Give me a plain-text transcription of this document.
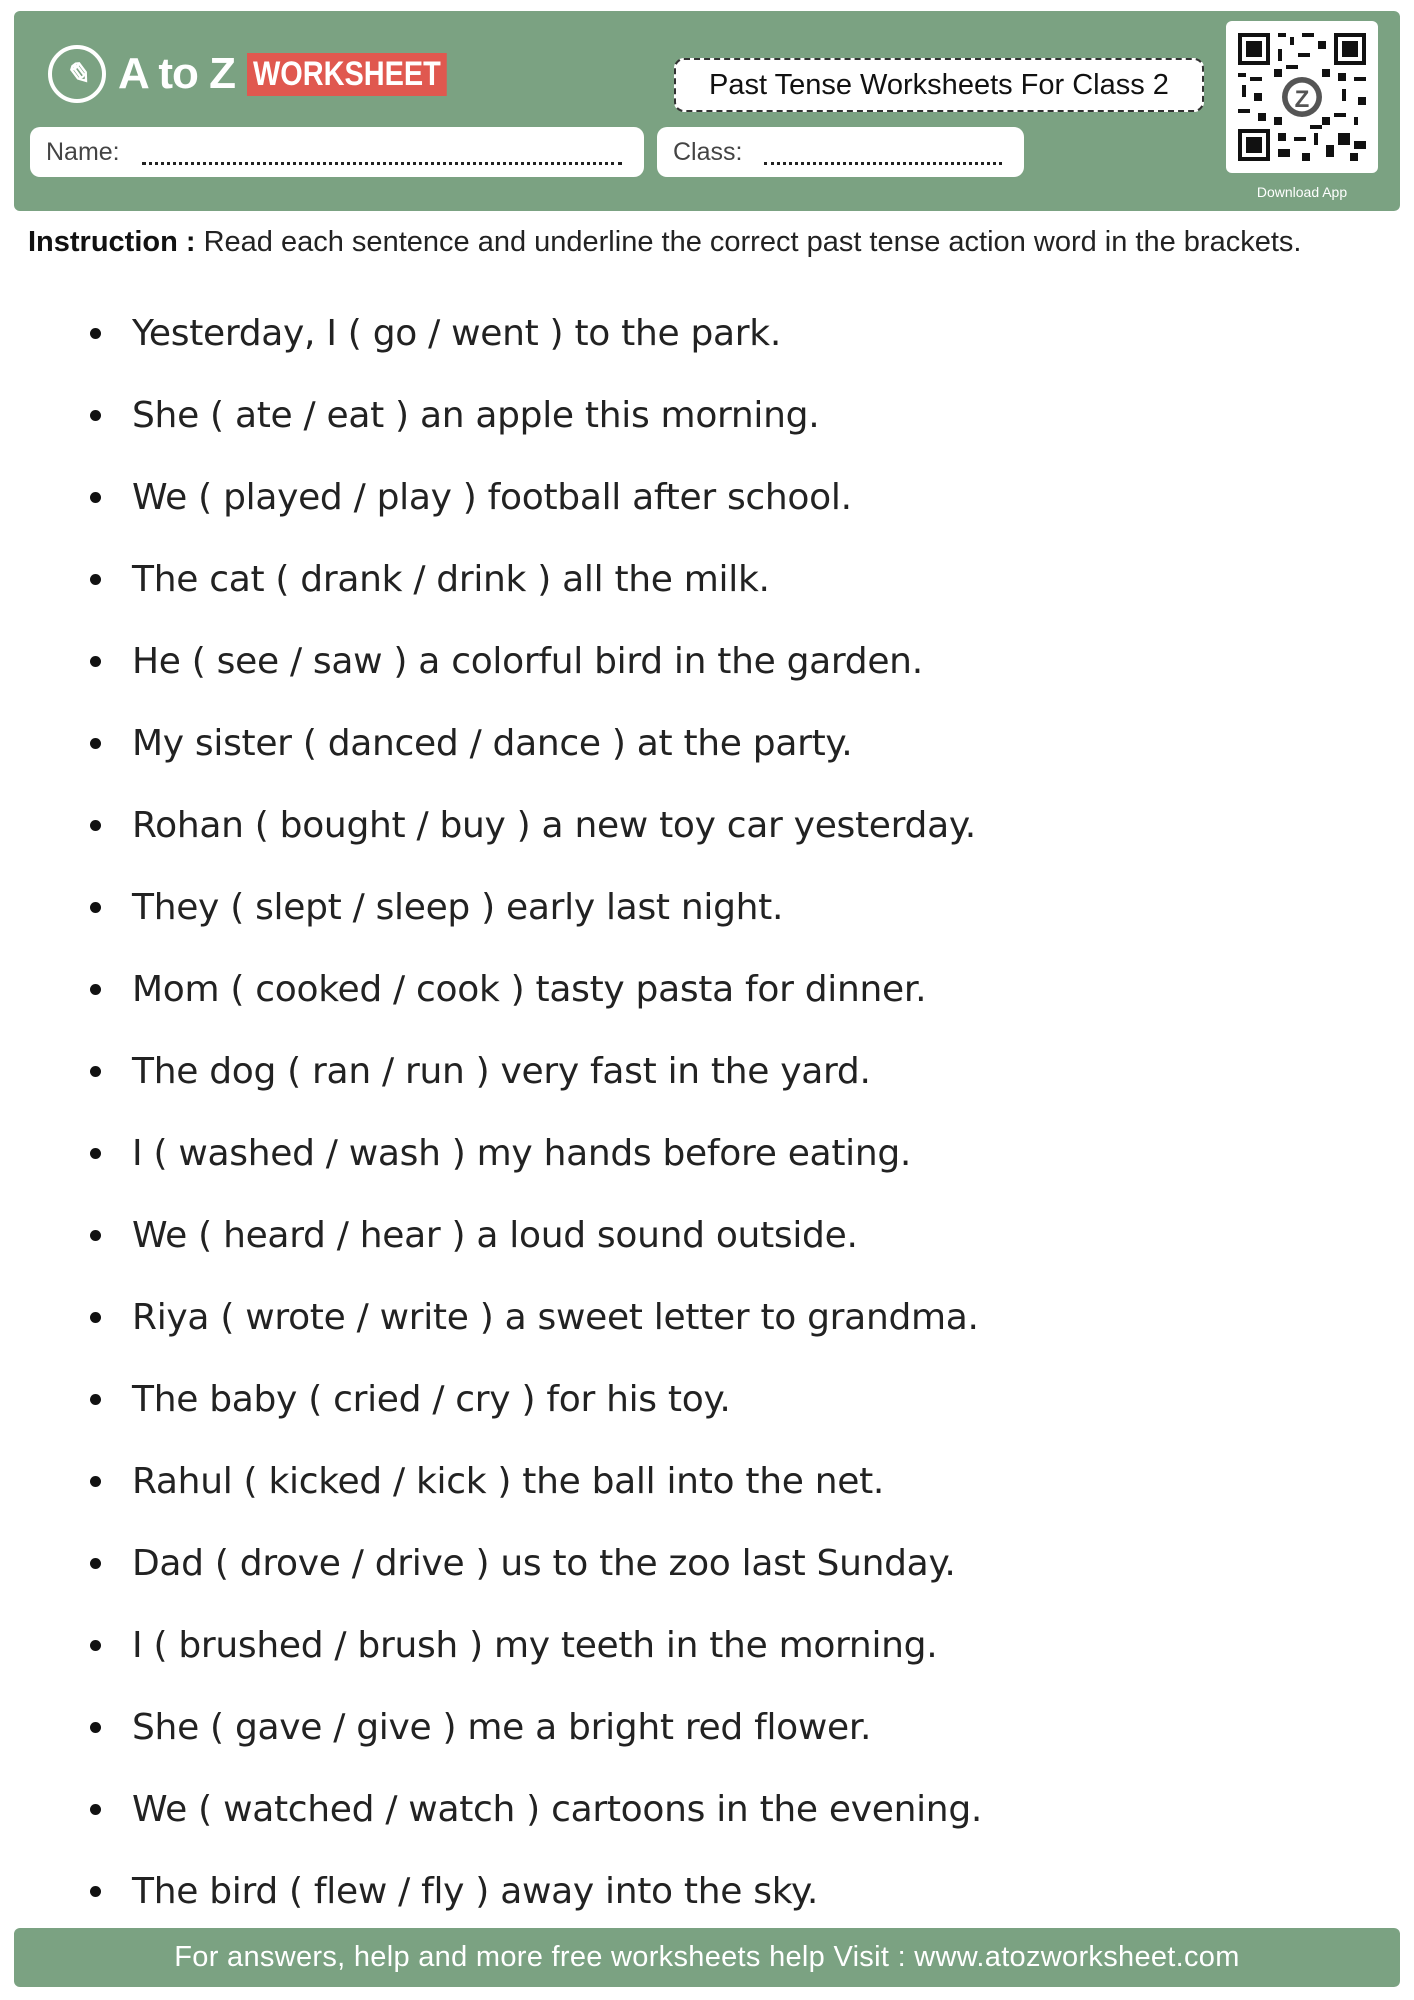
✎ A to Z WORKSHEET	Past Tense Worksheets For Class 2
Name:	Class:
Z
Download App
Instruction : Read each sentence and underline the correct past tense action word in the brackets.
Yesterday, I ( go / went ) to the park.
She ( ate / eat ) an apple this morning.
We ( played / play ) football after school.
The cat ( drank / drink ) all the milk.
He ( see / saw ) a colorful bird in the garden.
My sister ( danced / dance ) at the party.
Rohan ( bought / buy ) a new toy car yesterday.
They ( slept / sleep ) early last night.
Mom ( cooked / cook ) tasty pasta for dinner.
The dog ( ran / run ) very fast in the yard.
I ( washed / wash ) my hands before eating.
We ( heard / hear ) a loud sound outside.
Riya ( wrote / write ) a sweet letter to grandma.
The baby ( cried / cry ) for his toy.
Rahul ( kicked / kick ) the ball into the net.
Dad ( drove / drive ) us to the zoo last Sunday.
I ( brushed / brush ) my teeth in the morning.
She ( gave / give ) me a bright red flower.
We ( watched / watch ) cartoons in the evening.
The bird ( flew / fly ) away into the sky.
For answers, help and more free worksheets help Visit : www.atozworksheet.com
